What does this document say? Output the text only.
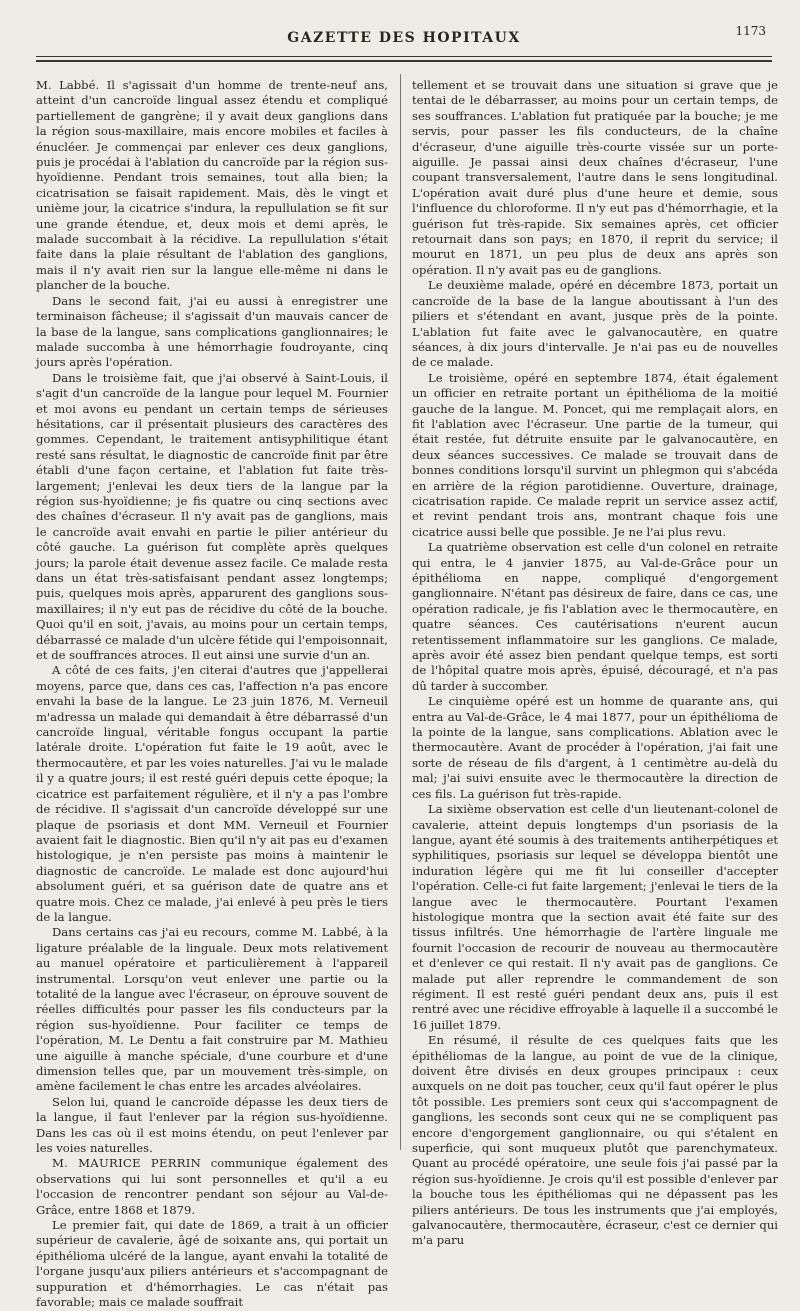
GAZETTE DES HOPITAUX	1173

M. Labbé. Il s'agissait d'un homme de trente-neuf ans, atteint d'un cancroïde lingual assez étendu et compliqué partiellement de gangrène; il y avait deux ganglions dans la région sous-maxillaire, mais encore mobiles et faciles à énucléer. Je commençai par enlever ces deux ganglions, puis je procédai à l'ablation du cancroïde par la région sus-hyoïdienne. Pendant trois semaines, tout alla bien; la cicatrisation se faisait rapidement. Mais, dès le vingt et unième jour, la cicatrice s'indura, la repullulation se fit sur une grande étendue, et, deux mois et demi après, le malade succombait à la récidive. La repullulation s'était faite dans la plaie résultant de l'ablation des ganglions, mais il n'y avait rien sur la langue elle-même ni dans le plancher de la bouche.

Dans le second fait, j'ai eu aussi à enregistrer une terminaison fâcheuse; il s'agissait d'un mauvais cancer de la base de la langue, sans complications ganglionnaires; le malade succomba à une hémorrhagie foudroyante, cinq jours après l'opération.

Dans le troisième fait, que j'ai observé à Saint-Louis, il s'agit d'un cancroïde de la langue pour lequel M. Fournier et moi avons eu pendant un certain temps de sérieuses hésitations, car il présentait plusieurs des caractères des gommes. Cependant, le traitement antisyphilitique étant resté sans résultat, le diagnostic de cancroïde finit par être établi d'une façon certaine, et l'ablation fut faite très-largement; j'enlevai les deux tiers de la langue par la région sus-hyoïdienne; je fis quatre ou cinq sections avec des chaînes d'écraseur. Il n'y avait pas de ganglions, mais le cancroïde avait envahi en partie le pilier antérieur du côté gauche. La guérison fut complète après quelques jours; la parole était devenue assez facile. Ce malade resta dans un état très-satisfaisant pendant assez longtemps; puis, quelques mois après, apparurent des ganglions sous-maxillaires; il n'y eut pas de récidive du côté de la bouche. Quoi qu'il en soit, j'avais, au moins pour un certain temps, débarrassé ce malade d'un ulcère fétide qui l'empoisonnait, et de souffrances atroces. Il eut ainsi une survie d'un an.

A côté de ces faits, j'en citerai d'autres que j'appellerai moyens, parce que, dans ces cas, l'affection n'a pas encore envahi la base de la langue. Le 23 juin 1876, M. Verneuil m'adressa un malade qui demandait à être débarrassé d'un cancroïde lingual, véritable fongus occupant la partie latérale droite. L'opération fut faite le 19 août, avec le thermocautère, et par les voies naturelles. J'ai vu le malade il y a quatre jours; il est resté guéri depuis cette époque; la cicatrice est parfaitement régulière, et il n'y a pas l'ombre de récidive. Il s'agissait d'un cancroïde développé sur une plaque de psoriasis et dont MM. Verneuil et Fournier avaient fait le diagnostic. Bien qu'il n'y ait pas eu d'examen histologique, je n'en persiste pas moins à maintenir le diagnostic de cancroïde. Le malade est donc aujourd'hui absolument guéri, et sa guérison date de quatre ans et quatre mois. Chez ce malade, j'ai enlevé à peu près le tiers de la langue.

Dans certains cas j'ai eu recours, comme M. Labbé, à la ligature préalable de la linguale. Deux mots relativement au manuel opératoire et particulièrement à l'appareil instrumental. Lorsqu'on veut enlever une partie ou la totalité de la langue avec l'écraseur, on éprouve souvent de réelles difficultés pour passer les fils conducteurs par la région sus-hyoïdienne. Pour faciliter ce temps de l'opération, M. Le Dentu a fait construire par M. Mathieu une aiguille à manche spéciale, d'une courbure et d'une dimension telles que, par un mouvement très-simple, on amène facilement le chas entre les arcades alvéolaires.

Selon lui, quand le cancroïde dépasse les deux tiers de la langue, il faut l'enlever par la région sus-hyoïdienne. Dans les cas où il est moins étendu, on peut l'enlever par les voies naturelles.

M. MAURICE PERRIN communique également des observations qui lui sont personnelles et qu'il a eu l'occasion de rencontrer pendant son séjour au Val-de-Grâce, entre 1868 et 1879.

Le premier fait, qui date de 1869, a trait à un officier supérieur de cavalerie, âgé de soixante ans, qui portait un épithélioma ulcéré de la langue, ayant envahi la totalité de l'organe jusqu'aux piliers antérieurs et s'accompagnant de suppuration et d'hémorrhagies. Le cas n'était pas favorable; mais ce malade souffrait

tellement et se trouvait dans une situation si grave que je tentai de le débarrasser, au moins pour un certain temps, de ses souffrances. L'ablation fut pratiquée par la bouche; je me servis, pour passer les fils conducteurs, de la chaîne d'écraseur, d'une aiguille très-courte vissée sur un porte-aiguille. Je passai ainsi deux chaînes d'écraseur, l'une coupant transversalement, l'autre dans le sens longitudinal. L'opération avait duré plus d'une heure et demie, sous l'influence du chloroforme. Il n'y eut pas d'hémorrhagie, et la guérison fut très-rapide. Six semaines après, cet officier retournait dans son pays; en 1870, il reprit du service; il mourut en 1871, un peu plus de deux ans après son opération. Il n'y avait pas eu de ganglions.

Le deuxième malade, opéré en décembre 1873, portait un cancroïde de la base de la langue aboutissant à l'un des piliers et s'étendant en avant, jusque près de la pointe. L'ablation fut faite avec le galvanocautère, en quatre séances, à dix jours d'intervalle. Je n'ai pas eu de nouvelles de ce malade.

Le troisième, opéré en septembre 1874, était également un officier en retraite portant un épithélioma de la moitié gauche de la langue. M. Poncet, qui me remplaçait alors, en fit l'ablation avec l'écraseur. Une partie de la tumeur, qui était restée, fut détruite ensuite par le galvanocautère, en deux séances successives. Ce malade se trouvait dans de bonnes conditions lorsqu'il survint un phlegmon qui s'abcéda en arrière de la région parotidienne. Ouverture, drainage, cicatrisation rapide. Ce malade reprit un service assez actif, et revint pendant trois ans, montrant chaque fois une cicatrice aussi belle que possible. Je ne l'ai plus revu.

La quatrième observation est celle d'un colonel en retraite qui entra, le 4 janvier 1875, au Val-de-Grâce pour un épithélioma en nappe, compliqué d'engorgement ganglionnaire. N'étant pas désireux de faire, dans ce cas, une opération radicale, je fis l'ablation avec le thermocautère, en quatre séances. Ces cautérisations n'eurent aucun retentissement inflammatoire sur les ganglions. Ce malade, après avoir été assez bien pendant quelque temps, est sorti de l'hôpital quatre mois après, épuisé, découragé, et n'a pas dû tarder à succomber.

Le cinquième opéré est un homme de quarante ans, qui entra au Val-de-Grâce, le 4 mai 1877, pour un épithélioma de la pointe de la langue, sans complications. Ablation avec le thermocautère. Avant de procéder à l'opération, j'ai fait une sorte de réseau de fils d'argent, à 1 centimètre au-delà du mal; j'ai suivi ensuite avec le thermocautère la direction de ces fils. La guérison fut très-rapide.

La sixième observation est celle d'un lieutenant-colonel de cavalerie, atteint depuis longtemps d'un psoriasis de la langue, ayant été soumis à des traitements antiherpétiques et syphilitiques, psoriasis sur lequel se développa bientôt une induration légère qui me fit lui conseiller d'accepter l'opération. Celle-ci fut faite largement; j'enlevai le tiers de la langue avec le thermocautère. Pourtant l'examen histologique montra que la section avait été faite sur des tissus infiltrés. Une hémorrhagie de l'artère linguale me fournit l'occasion de recourir de nouveau au thermocautère et d'enlever ce qui restait. Il n'y avait pas de ganglions. Ce malade put aller reprendre le commandement de son régiment. Il est resté guéri pendant deux ans, puis il est rentré avec une récidive effroyable à laquelle il a succombé le 16 juillet 1879.

En résumé, il résulte de ces quelques faits que les épithéliomas de la langue, au point de vue de la clinique, doivent être divisés en deux groupes principaux : ceux auxquels on ne doit pas toucher, ceux qu'il faut opérer le plus tôt possible. Les premiers sont ceux qui s'accompagnent de ganglions, les seconds sont ceux qui ne se compliquent pas encore d'engorgement ganglionnaire, ou qui s'étalent en superficie, qui sont muqueux plutôt que parenchymateux. Quant au procédé opératoire, une seule fois j'ai passé par la région sus-hyoïdienne. Je crois qu'il est possible d'enlever par la bouche tous les épithéliomas qui ne dépassent pas les piliers antérieurs. De tous les instruments que j'ai employés, galvanocautère, thermocautère, écraseur, c'est ce dernier qui m'a paru
